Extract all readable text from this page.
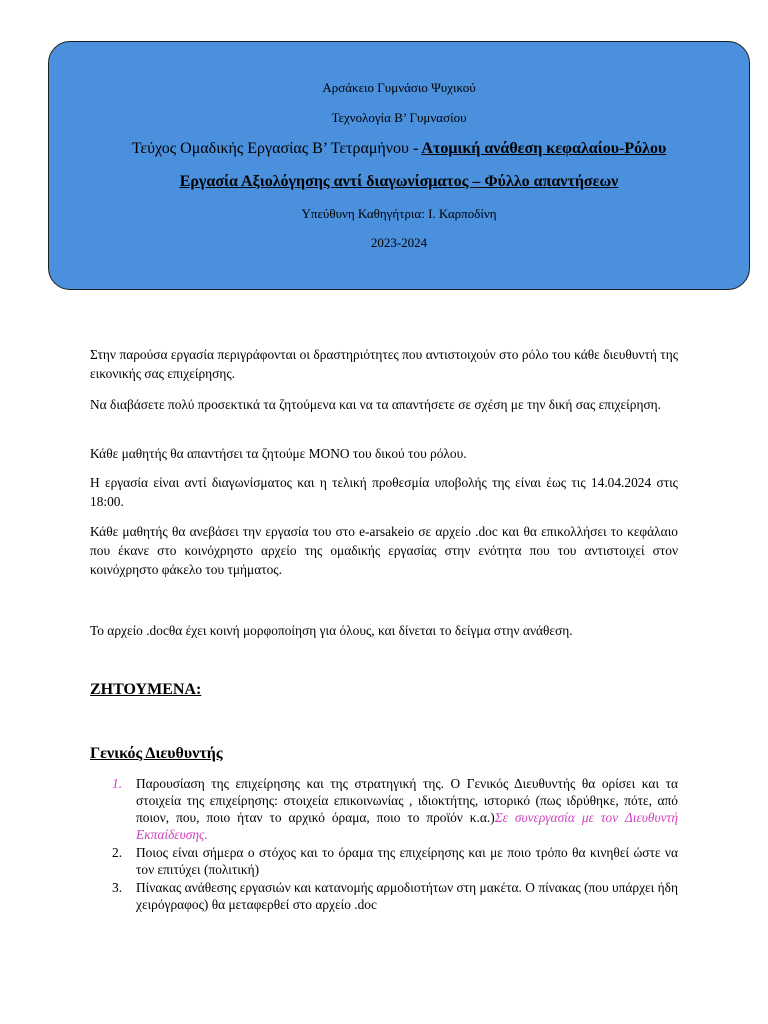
Αρσάκειο Γυμνάσιο Ψυχικού
Τεχνολογία Β’ Γυμνασίου
Τεύχος Ομαδικής Εργασίας Β’ Τετραμήνου - Ατομική ανάθεση κεφαλαίου-Ρόλου
Εργασία Αξιολόγησης αντί διαγωνίσματος – Φύλλο απαντήσεων
Υπεύθυνη Καθηγήτρια: Ι. Καρποδίνη
2023-2024

Στην παρούσα εργασία περιγράφονται οι δραστηριότητες που αντιστοιχούν στο ρόλο του κάθε διευθυντή της εικονικής σας επιχείρησης.

Να διαβάσετε πολύ προσεκτικά τα ζητούμενα και να τα απαντήσετε σε σχέση με την δική σας επιχείρηση.

Κάθε μαθητής θα απαντήσει τα ζητούμε ΜΟΝΟ του δικού του ρόλου.

Η εργασία είναι αντί διαγωνίσματος και η τελική προθεσμία υποβολής της είναι έως τις 14.04.2024 στις 18:00.

Κάθε μαθητής θα ανεβάσει την εργασία του στο e-arsakeio σε αρχείο .doc και θα επικολλήσει το κεφάλαιο που έκανε στο κοινόχρηστο αρχείο της ομαδικής εργασίας στην ενότητα που του αντιστοιχεί στον κοινόχρηστο φάκελο του τμήματος.

Το αρχείο .docθα έχει κοινή μορφοποίηση για όλους, και δίνεται το δείγμα στην ανάθεση.

ΖΗΤΟΥΜΕΝΑ:
Γενικός Διευθυντής
1. Παρουσίαση της επιχείρησης και της στρατηγική της. Ο Γενικός Διευθυντής θα ορίσει και τα στοιχεία της επιχείρησης: στοιχεία επικοινωνίας , ιδιοκτήτης, ιστορικό (πως ιδρύθηκε, πότε, από ποιον, που, ποιο ήταν το αρχικό όραμα, ποιο το προϊόν κ.α.)Σε συνεργασία με τον Διευθυντή Εκπαίδευσης.
2. Ποιος είναι σήμερα ο στόχος και το όραμα της επιχείρησης και με ποιο τρόπο θα κινηθεί ώστε να τον επιτύχει (πολιτική)
3. Πίνακας ανάθεσης εργασιών και κατανομής αρμοδιοτήτων στη μακέτα. Ο πίνακας (που υπάρχει ήδη χειρόγραφος) θα μεταφερθεί στο αρχείο .doc
